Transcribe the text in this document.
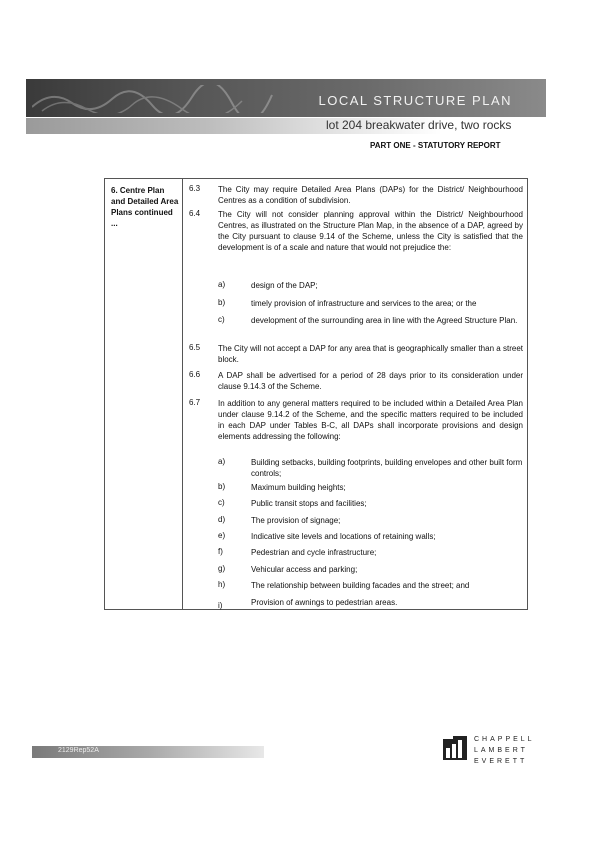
LOCAL STRUCTURE PLAN
lot 204 breakwater drive, two rocks
PART ONE - STATUTORY REPORT
6. Centre Plan and Detailed Area Plans continued ...
6.3 The City may require Detailed Area Plans (DAPs) for the District/ Neighbourhood Centres as a condition of subdivision.
6.4 The City will not consider planning approval within the District/ Neighbourhood Centres, as illustrated on the Structure Plan Map, in the absence of a DAP, agreed by the City pursuant to clause 9.14 of the Scheme, unless the City is satisfied that the development is of a scale and nature that would not prejudice the:
a)	design of the DAP;
b)	timely provision of infrastructure and services to the area; or the
c)	development of the surrounding area in line with the Agreed Structure Plan.
6.5 The City will not accept a DAP for any area that is geographically smaller than a street block.
6.6 A DAP shall be advertised for a period of 28 days prior to its consideration under clause 9.14.3 of the Scheme.
6.7 In addition to any general matters required to be included within a Detailed Area Plan under clause 9.14.2 of the Scheme, and the specific matters required to be included in each DAP under Tables B-C, all DAPs shall incorporate provisions and design elements addressing the following:
a)	Building setbacks, building footprints, building envelopes and other built form controls;
b)	Maximum building heights;
c)	Public transit stops and facilities;
d)	The provision of signage;
e)	Indicative site levels and locations of retaining walls;
f)	Pedestrian and cycle infrastructure;
g)	Vehicular access and parking;
h)	The relationship between building facades and the street; and
i)	Provision of awnings to pedestrian areas.
2129Rep52A
CHAPPELL
LAMBERT
EVERETT
